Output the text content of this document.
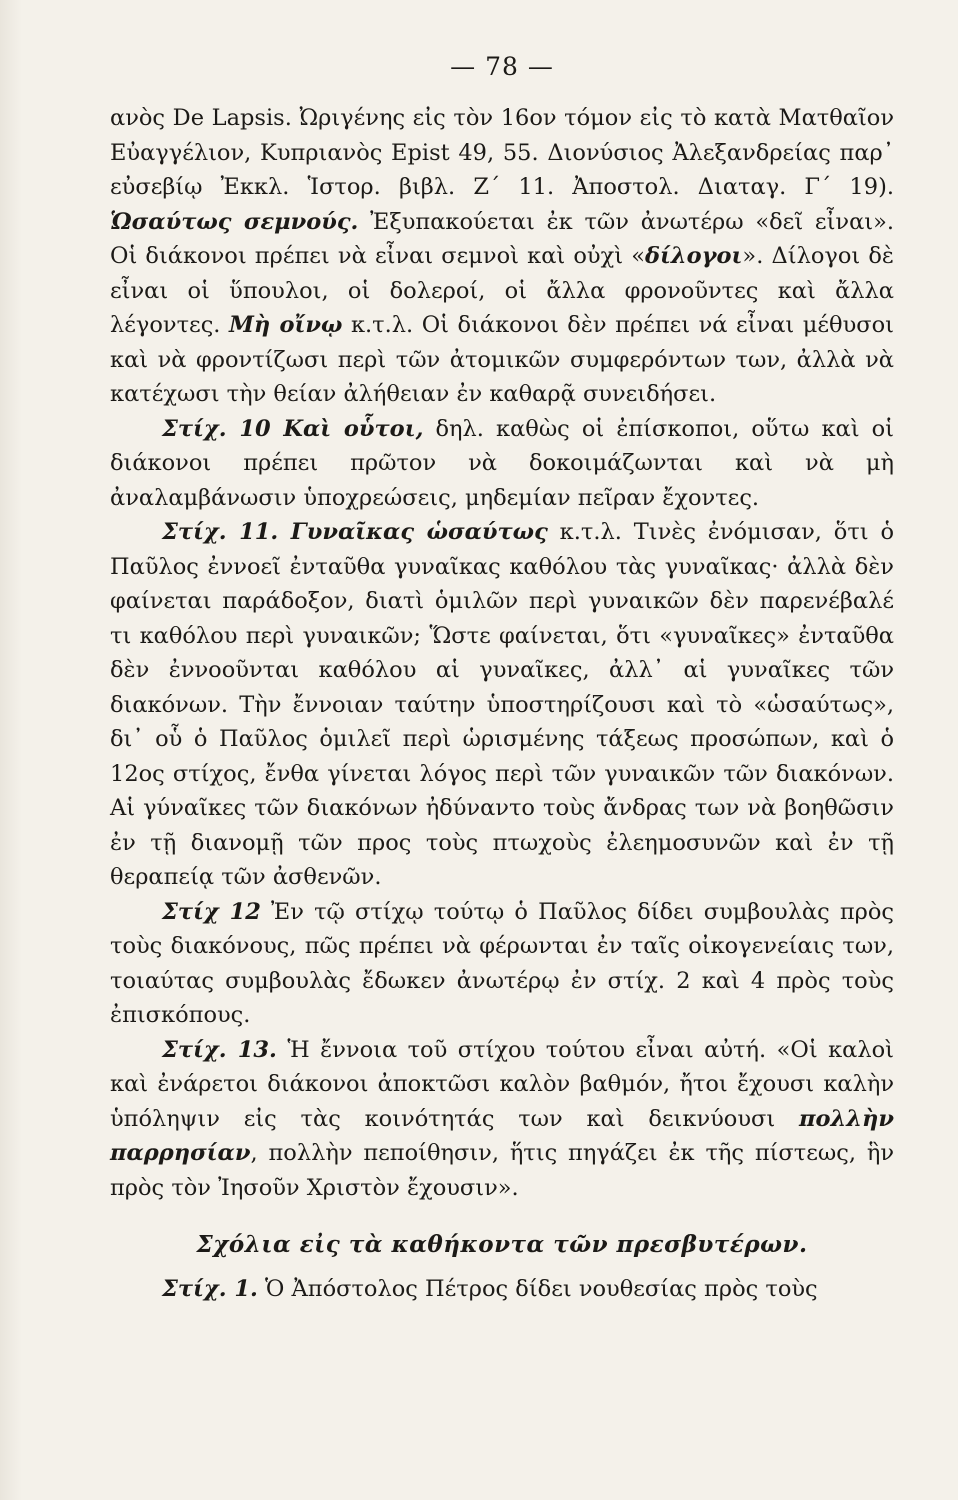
— 78 —

ανὸς De Lapsis. Ὠριγένης εἰς τὸν 16ον τόμον εἰς τὸ κατὰ Ματθαῖον Εὐαγγέλιον, Κυπριανὸς Epist 49, 55. Διονύσιος Ἀλεξανδρείας παρ᾽ εὐσεβίῳ Ἐκκλ. Ἱστορ. βιβλ. Ζ΄ 11. Ἀποστολ. Διαταγ. Γ΄ 19). Ὡσαύτως σεμνούς. Ἐξυπακούεται ἐκ τῶν ἀνωτέρω «δεῖ εἶναι». Οἱ διάκονοι πρέπει νὰ εἶναι σεμνοὶ καὶ οὐχὶ «δίλογοι». Δίλογοι δὲ εἶναι οἱ ὕπουλοι, οἱ δολεροί, οἱ ἄλλα φρονοῦντες καὶ ἄλλα λέγοντες. Μὴ οἴνῳ κ.τ.λ. Οἱ διάκονοι δὲν πρέπει νά εἶναι μέθυσοι καὶ νὰ φροντίζωσι περὶ τῶν ἀτομικῶν συμφερόντων των, ἀλλὰ νὰ κατέχωσι τὴν θείαν ἀλήθειαν ἐν καθαρᾷ συνειδήσει.

Στίχ. 10 Καὶ οὗτοι, δηλ. καθὼς οἱ ἐπίσκοποι, οὕτω καὶ οἱ διάκονοι πρέπει πρῶτον νὰ δοκοιμάζωνται καὶ νὰ μὴ ἀναλαμβάνωσιν ὑποχρεώσεις, μηδεμίαν πεῖραν ἔχοντες.

Στίχ. 11. Γυναῖκας ὡσαύτως κ.τ.λ. Τινὲς ἐνόμισαν, ὅτι ὁ Παῦλος ἐννοεῖ ἐνταῦθα γυναῖκας καθόλου τὰς γυναῖκας· ἀλλὰ δὲν φαίνεται παράδοξον, διατὶ ὁμιλῶν περὶ γυναικῶν δὲν παρενέβαλέ τι καθόλου περὶ γυναικῶν; Ὥστε φαίνεται, ὅτι «γυναῖκες» ἐνταῦθα δὲν ἐννοοῦνται καθόλου αἱ γυναῖκες, ἀλλ᾽ αἱ γυναῖκες τῶν διακόνων. Τὴν ἔννοιαν ταύτην ὑποστηρίζουσι καὶ τὸ «ὡσαύτως», δι᾽ οὗ ὁ Παῦλος ὁμιλεῖ περὶ ὡρισμένης τάξεως προσώπων, καὶ ὁ 12ος στίχος, ἔνθα γίνεται λόγος περὶ τῶν γυναικῶν τῶν διακόνων. Αἱ γύναῖκες τῶν διακόνων ἠδύναντο τοὺς ἄνδρας των νὰ βοηθῶσιν ἐν τῇ διανομῇ τῶν προς τοὺς πτωχοὺς ἐλεημοσυνῶν καὶ ἐν τῇ θεραπείᾳ τῶν ἀσθενῶν.

Στίχ 12 Ἐν τῷ στίχῳ τούτῳ ὁ Παῦλος δίδει συμβουλὰς πρὸς τοὺς διακόνους, πῶς πρέπει νὰ φέρωνται ἐν ταῖς οἰκογενείαις των, τοιαύτας συμβουλὰς ἔδωκεν ἀνωτέρῳ ἐν στίχ. 2 καὶ 4 πρὸς τοὺς ἐπισκόπους.

Στίχ. 13. Ἡ ἔννοια τοῦ στίχου τούτου εἶναι αὐτή. «Οἱ καλοὶ καὶ ἐνάρετοι διάκονοι ἀποκτῶσι καλὸν βαθμόν, ἤτοι ἔχουσι καλὴν ὑπόληψιν εἰς τὰς κοινότητάς των καὶ δεικνύουσι πολλὴν παρρησίαν, πολλὴν πεποίθησιν, ἥτις πηγάζει ἐκ τῆς πίστεως, ἣν πρὸς τὸν Ἰησοῦν Χριστὸν ἔχουσιν».

Σχόλια εἰς τὰ καθήκοντα τῶν πρεσβυτέρων.

Στίχ. 1. Ὁ Ἀπόστολος Πέτρος δίδει νουθεσίας πρὸς τοὺς
